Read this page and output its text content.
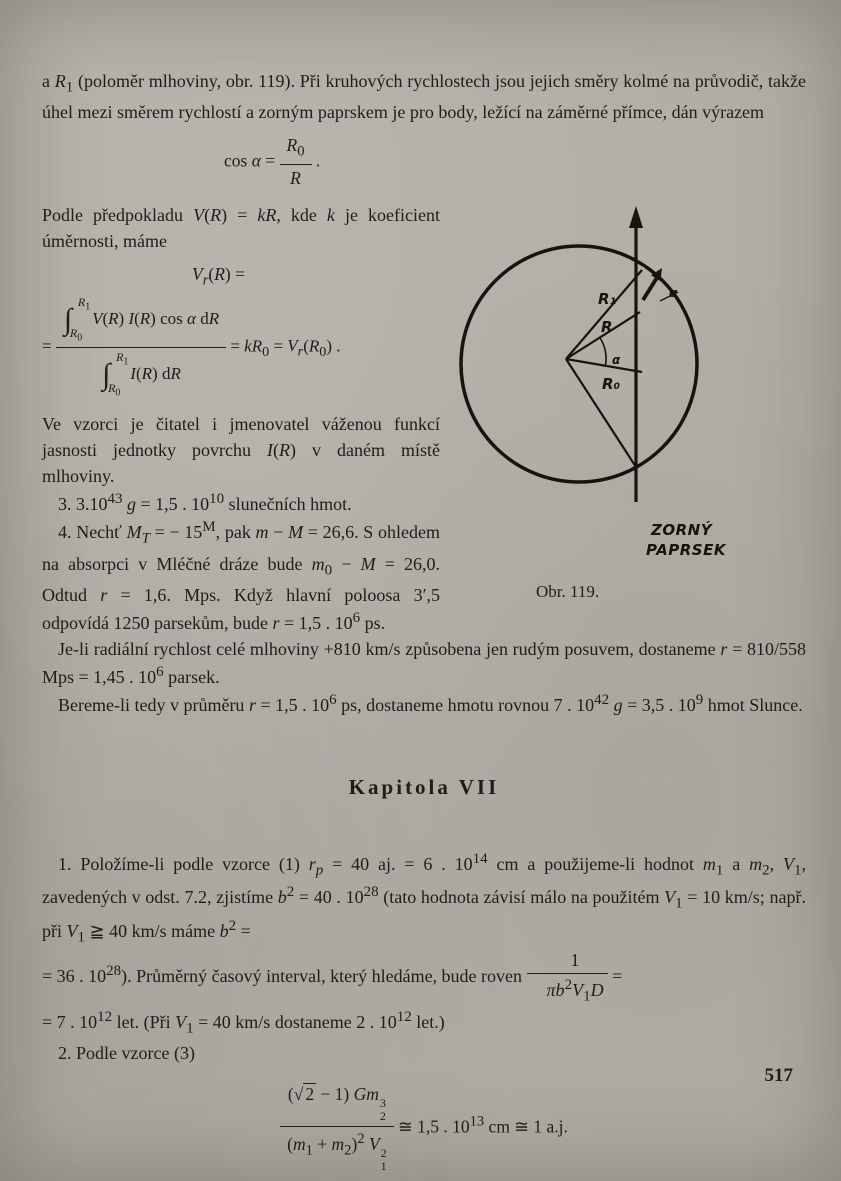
a $R_1$ (poloměr mlhoviny, obr. 119). Při kruhových rychlostech jsou jejich směry kolmé na průvodič, takže úhel mezi směrem rychlostí a zorným paprskem je pro body, ležící na záměrné přímce, dán výrazem

$\cos \alpha = \frac{R_0}{R}$ .
R₁
R
α
R₀
α
ZORNÝ
PAPRSEK
Obr. 119.

Podle předpokladu V(R) = kR, kde k je koeficient úměrnosti, máme

$V_r(R)$ =
= ∫
$R_1$
$R_0$
V(R) I(R) cos α dR
∫
$R_1$
$R_0$
I(R) dR = $kR_0 = V_r(R_0)$ .

Ve vzorci je čitatel i jmenovatel váženou funkcí jasnosti jednotky povrchu I(R) v daném místě mlhoviny.

3. 3.10$^{43}$ g = 1,5 . $10^{10}$ slunečních hmot.

4. Nechť $M_T$ = − $15^M$, pak m − M = 26,6. S ohledem na absorpci v Mléčné dráze bude $m_0 - M = 26,0$. Odtud r = 1,6. Mps. Když hlavní poloosa 3′,5 odpovídá 1250 parsekům, bude r = 1,5 . $10^6$ ps.

Je-li radiální rychlost celé mlhoviny +810 km/s způsobena jen rudým posuvem, dostaneme r = 810/558 Mps = 1,45 . $10^6$ parsek.

Bereme-li tedy v průměru r = 1,5 . $10^6$ ps, dostaneme hmotu rovnou 7 . $10^{42}$ g = 3,5 . $10^9$ hmot Slunce.

Kapitola VII

1. Položíme-li podle vzorce (1) $r_p = 40$ aj. = 6 . $10^{14}$ cm a použijeme-li hodnot $m_1$ a $m_2$, $V_1$, zavedených v odst. 7.2, zjistíme $b^2 = 40$ . $10^{28}$ (tato hodnota závisí málo na použitém $V_1 = 10$ km/s; např. při $V_1$ ≧ 40 km/s máme $b^2$ =
= 36 . $10^{28}$). Průměrný časový interval, který hledáme, bude roven $\frac{1}{\pi b^2V_1D}$ =
= 7 . $10^{12}$ let. (Při $V_1 = 40$ km/s dostaneme 2 . $10^{12}$ let.)

2. Podle vzorce (3)

(√ 2 − 1) Gm 3
2
$(m_1 + m_2)^2$ V 2
1 ≅ 1,5 . $10^{13}$ cm ≅ 1 a.j.
517
